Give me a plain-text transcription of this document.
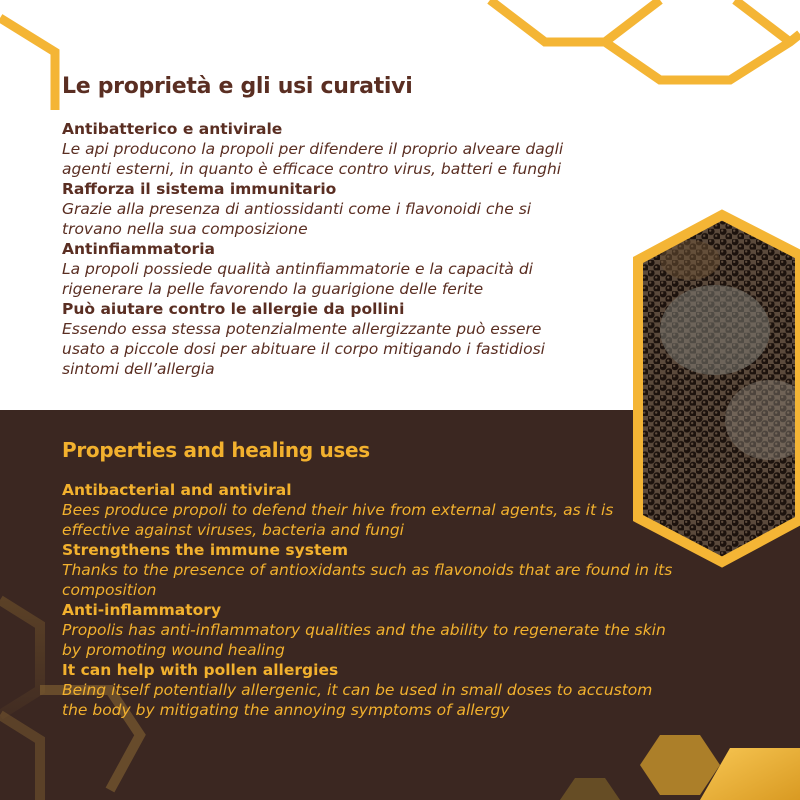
Le proprietà e gli usi curativi
Antibatterico e antivirale
Le api producono la propoli per difendere il proprio alveare dagli
agenti esterni, in quanto è efficace contro virus, batteri e funghi
Rafforza il sistema immunitario
Grazie alla presenza di antiossidanti come i flavonoidi che si
trovano nella sua composizione
Antinfiammatoria
La propoli possiede qualità antinfiammatorie e la capacità di
rigenerare la pelle favorendo la guarigione delle ferite
Può aiutare contro le allergie da pollini
Essendo essa stessa potenzialmente allergizzante può essere
usato a piccole dosi per abituare il corpo mitigando i fastidiosi
sintomi dell’allergia
Properties and healing uses
Antibacterial and antiviral
Bees produce propoli to defend their hive from external agents, as it is
effective against viruses, bacteria and fungi
Strengthens the immune system
Thanks to the presence of antioxidants such as flavonoids that are found in its
composition
Anti-inflammatory
Propolis has anti-inflammatory qualities and the ability to regenerate the skin
by promoting wound healing
It can help with pollen allergies
Being itself potentially allergenic, it can be used in small doses to accustom
the body by mitigating the annoying symptoms of allergy
